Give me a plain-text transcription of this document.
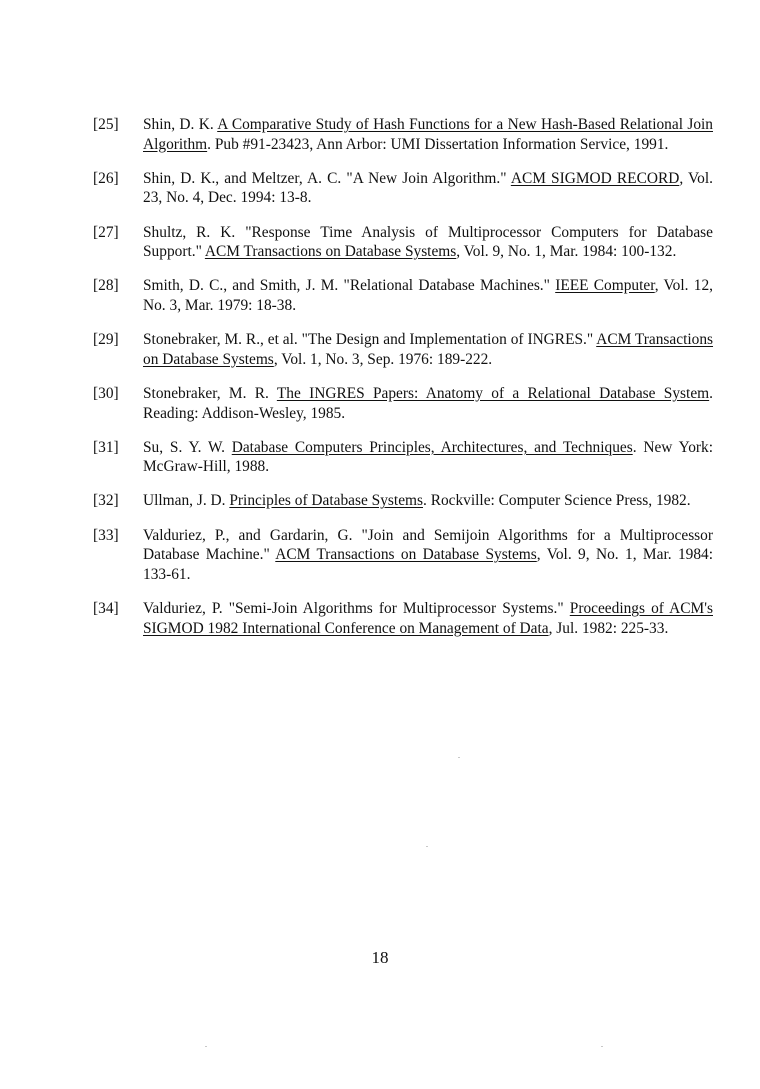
[25]	Shin, D. K. A Comparative Study of Hash Functions for a New Hash-Based Relational Join Algorithm. Pub #91-23423, Ann Arbor: UMI Dissertation Information Service, 1991.
[26]	Shin, D. K., and Meltzer, A. C. "A New Join Algorithm." ACM SIGMOD RECORD, Vol. 23, No. 4, Dec. 1994: 13-8.
[27]	Shultz, R. K. "Response Time Analysis of Multiprocessor Computers for Database Support." ACM Transactions on Database Systems, Vol. 9, No. 1, Mar. 1984: 100-132.
[28]	Smith, D. C., and Smith, J. M. "Relational Database Machines." IEEE Computer, Vol. 12, No. 3, Mar. 1979: 18-38.
[29]	Stonebraker, M. R., et al. "The Design and Implementation of INGRES." ACM Transactions on Database Systems, Vol. 1, No. 3, Sep. 1976: 189-222.
[30]	Stonebraker, M. R. The INGRES Papers: Anatomy of a Relational Database System. Reading: Addison-Wesley, 1985.
[31]	Su, S. Y. W. Database Computers Principles, Architectures, and Techniques. New York: McGraw-Hill, 1988.
[32]	Ullman, J. D. Principles of Database Systems. Rockville: Computer Science Press, 1982.
[33]	Valduriez, P., and Gardarin, G. "Join and Semijoin Algorithms for a Multiprocessor Database Machine." ACM Transactions on Database Systems, Vol. 9, No. 1, Mar. 1984: 133-61.
[34]	Valduriez, P. "Semi-Join Algorithms for Multiprocessor Systems." Proceedings of ACM's SIGMOD 1982 International Conference on Management of Data, Jul. 1982: 225-33.
18
